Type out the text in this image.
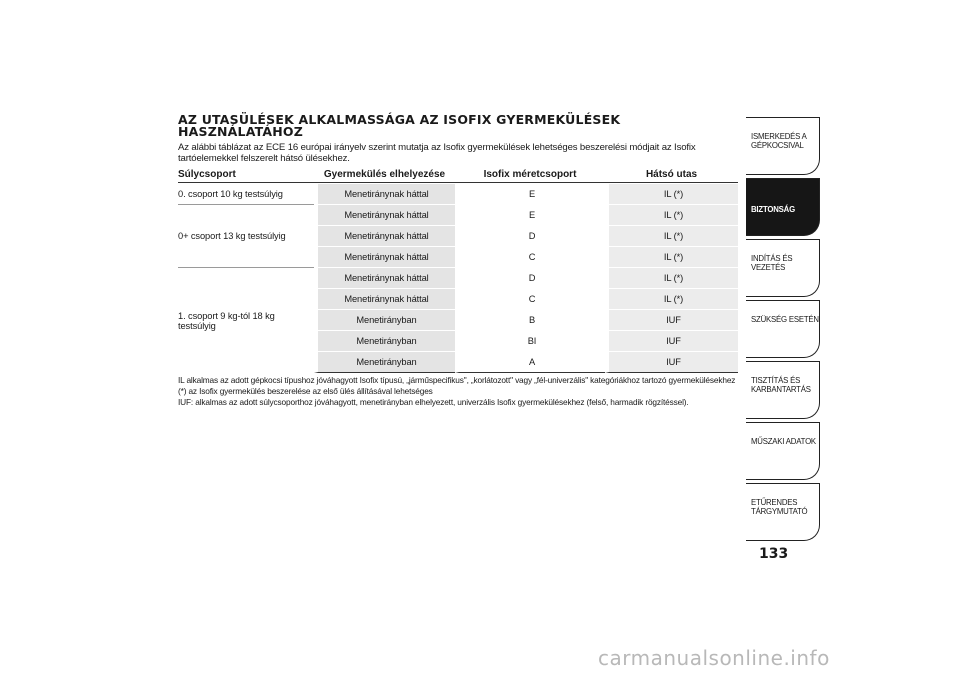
AZ UTASÜLÉSEK ALKALMASSÁGA AZ ISOFIX GYERMEKÜLÉSEK HASZNÁLATÁHOZ
Az alábbi táblázat az ECE 16 európai irányelv szerint mutatja az Isofix gyermekülések lehetséges beszerelési módjait az Isofix tartóelemekkel felszerelt hátsó ülésekhez.
Súlycsoport	Gyermekülés elhelyezése	Isofix méretcsoport	Hátsó utas
0. csoport 10 kg testsúlyig	Menetiránynak háttal	E	IL (*)
0+ csoport 13 kg testsúlyig	Menetiránynak háttal	E	IL (*)
	Menetiránynak háttal	D	IL (*)
	Menetiránynak háttal	C	IL (*)
1. csoport 9 kg-tól 18 kg testsúlyig	Menetiránynak háttal	D	IL (*)
	Menetiránynak háttal	C	IL (*)
	Menetirányban	B	IUF
	Menetirányban	BI	IUF
	Menetirányban	A	IUF
IL alkalmas az adott gépkocsi típushoz jóváhagyott Isofix típusú, „járműspecifikus", „korlátozott" vagy „fél-univerzális" kategóriákhoz tartozó gyermekülésekhez
(*) az Isofix gyermekülés beszerelése az első ülés állításával lehetséges
IUF: alkalmas az adott súlycsoporthoz jóváhagyott, menetirányban elhelyezett, univerzális Isofix gyermekülésekhez (felső, harmadik rögzítéssel).
ISMERKEDÉS A GÉPKOCSIVAL
BIZTONSÁG
INDÍTÁS ÉS VEZETÉS
SZÜKSÉG ESETÉN
TISZTÍTÁS ÉS KARBANTARTÁS
MŰSZAKI ADATOK
ETŰRENDES TÁRGYMUTATÓ
133
carmanualsonline.info
